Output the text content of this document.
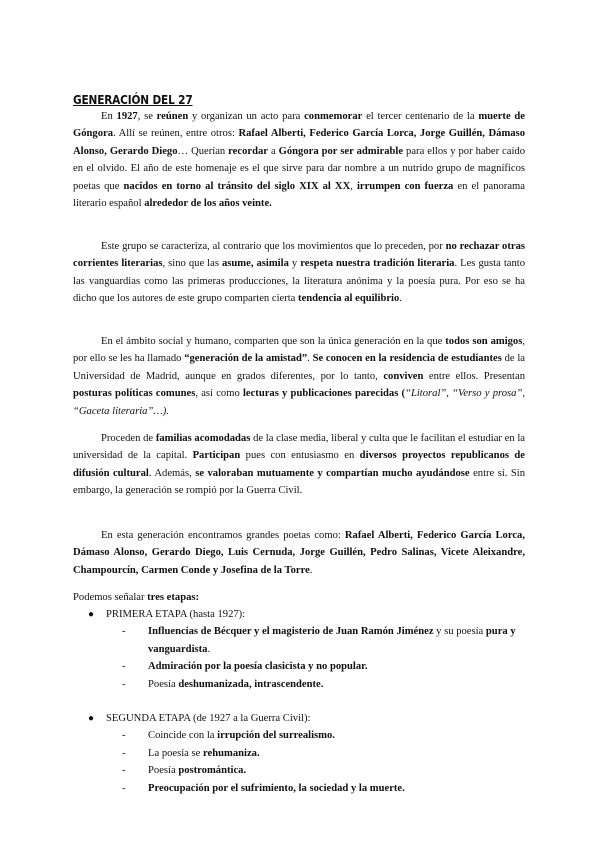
GENERACIÓN DEL 27

En 1927, se reúnen y organizan un acto para conmemorar el tercer centenario de la muerte de Góngora. Allí se reúnen, entre otros: Rafael Alberti, Federico García Lorca, Jorge Guillén, Dámaso Alonso, Gerardo Diego… Querían recordar a Góngora por ser admirable para ellos y por haber caído en el olvido. El año de este homenaje es el que sirve para dar nombre a un nutrido grupo de magníficos poetas que nacidos en torno al tránsito del siglo XIX al XX, irrumpen con fuerza en el panorama literario español alrededor de los años veinte.

Este grupo se caracteriza, al contrario que los movimientos que lo preceden, por no rechazar otras corrientes literarias, sino que las asume, asimila y respeta nuestra tradición literaria. Les gusta tanto las vanguardias como las primeras producciones, la literatura anónima y la poesía pura. Por eso se ha dicho que los autores de este grupo comparten cierta tendencia al equilibrio.

En el ámbito social y humano, comparten que son la única generación en la que todos son amigos, por ello se les ha llamado “generación de la amistad”. Se conocen en la residencia de estudiantes de la Universidad de Madrid, aunque en grados diferentes, por lo tanto, conviven entre ellos. Presentan posturas políticas comunes, así como lecturas y publicaciones parecidas (“Litoral”, “Verso y prosa”, “Gaceta literaria”…).

Proceden de familias acomodadas de la clase media, liberal y culta que le facilitan el estudiar en la universidad de la capital. Participan pues con entusiasmo en diversos proyectos republicanos de difusión cultural. Además, se valoraban mutuamente y compartían mucho ayudándose entre sí. Sin embargo, la generación se rompió por la Guerra Civil.

En esta generación encontramos grandes poetas como: Rafael Alberti, Federico García Lorca, Dámaso Alonso, Gerardo Diego, Luis Cernuda, Jorge Guillén, Pedro Salinas, Vicete Aleixandre, Champourcín, Carmen Conde y Josefina de la Torre.

Podemos señalar tres etapas:
● PRIMERA ETAPA (hasta 1927):
- Influencias de Bécquer y el magisterio de Juan Ramón Jiménez y su poesía pura y vanguardista.
- Admiración por la poesía clasicista y no popular.
- Poesía deshumanizada, intrascendente.
● SEGUNDA ETAPA (de 1927 a la Guerra Civil):
- Coincide con la irrupción del surrealismo.
- La poesía se rehumaniza.
- Poesía postromántica.
- Preocupación por el sufrimiento, la sociedad y la muerte.
